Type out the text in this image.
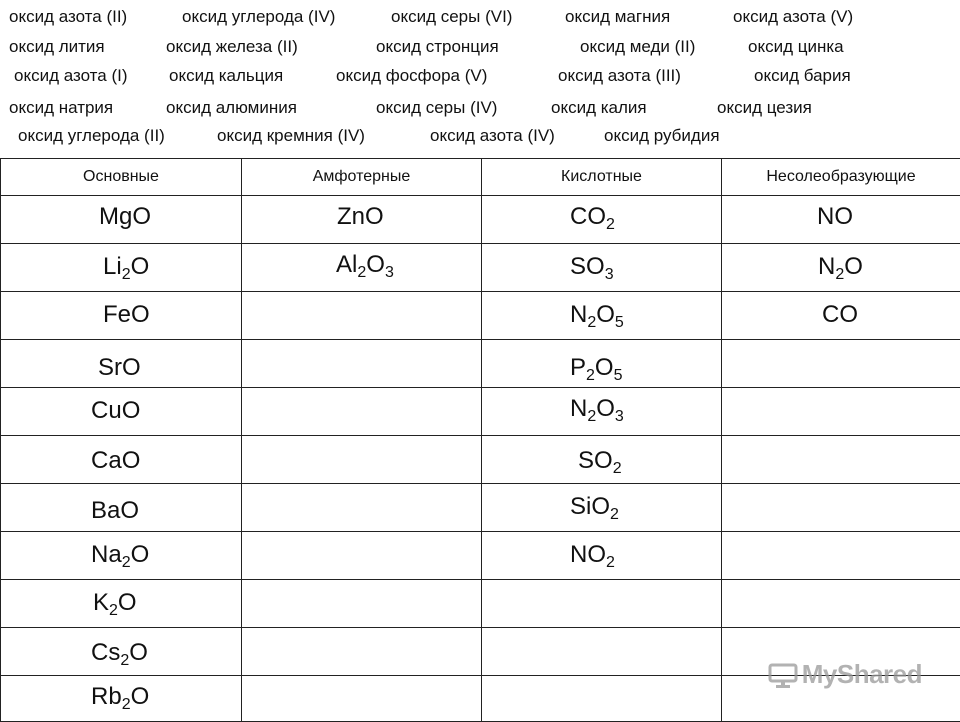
оксид азота (II)	оксид углерода (IV)	оксид серы (VI)	оксид магния	оксид азота (V)
оксид лития	оксид железа (II)	оксид стронция	оксид меди (II)	оксид цинка
оксид азота (I) оксид кальция	оксид фосфора (V)	оксид азота (III)	оксид бария
оксид натрия	оксид алюминия	оксид серы (IV)	оксид калия	оксид цезия
оксид углерода (II)	оксид кремния (IV)	оксид азота (IV)	оксид рубидия
Основные	Амфотерные	Кислотные	Несолеобразующие

MgO	ZnO	$CO_2$	NO

$Li_2O$	$Al_2O_3$	$SO_3$	$N_2O$

FeO		$N_2O_5$	CO

SrO		$P_2O_5$

CuO		$N_2O_3$

CaO		$SO_2$

BaO		SiO$_2$

$Na_2O$		$NO_2$

$K_2O$			

$Cs_2O$			

$Rb_2O$			

MyShared
